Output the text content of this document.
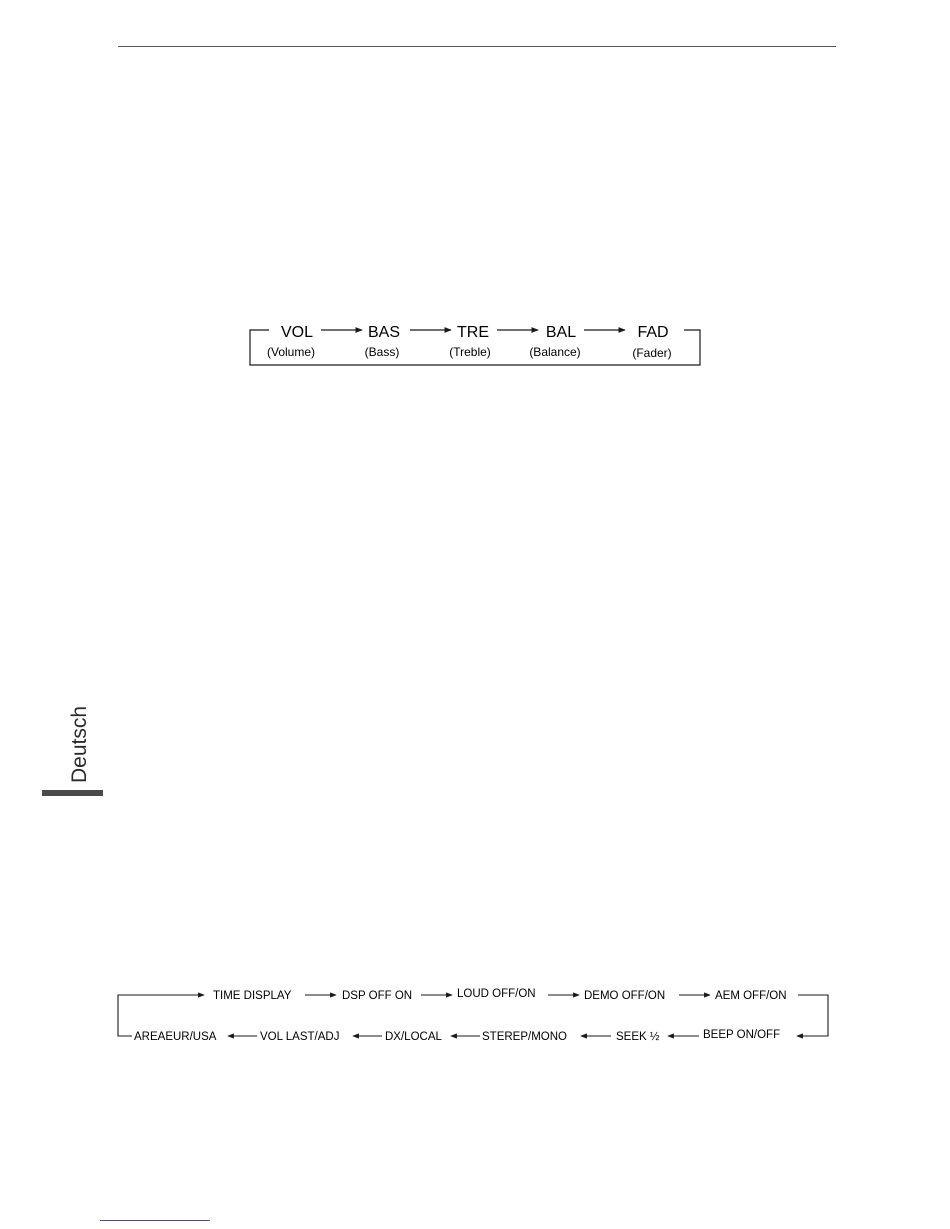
Deutsch
VOL
(Volume)
BAS
(Bass)
TRE
(Treble)
BAL
(Balance)
FAD
(Fader)
TIME DISPLAY	DSP OFF ON	LOUD OFF/ON	DEMO OFF/ON	AEM OFF/ON
BEEP ON/OFF
SEEK ½
STEREP/MONO
DX/LOCAL
VOL LAST/ADJ
AREAEUR/USA
